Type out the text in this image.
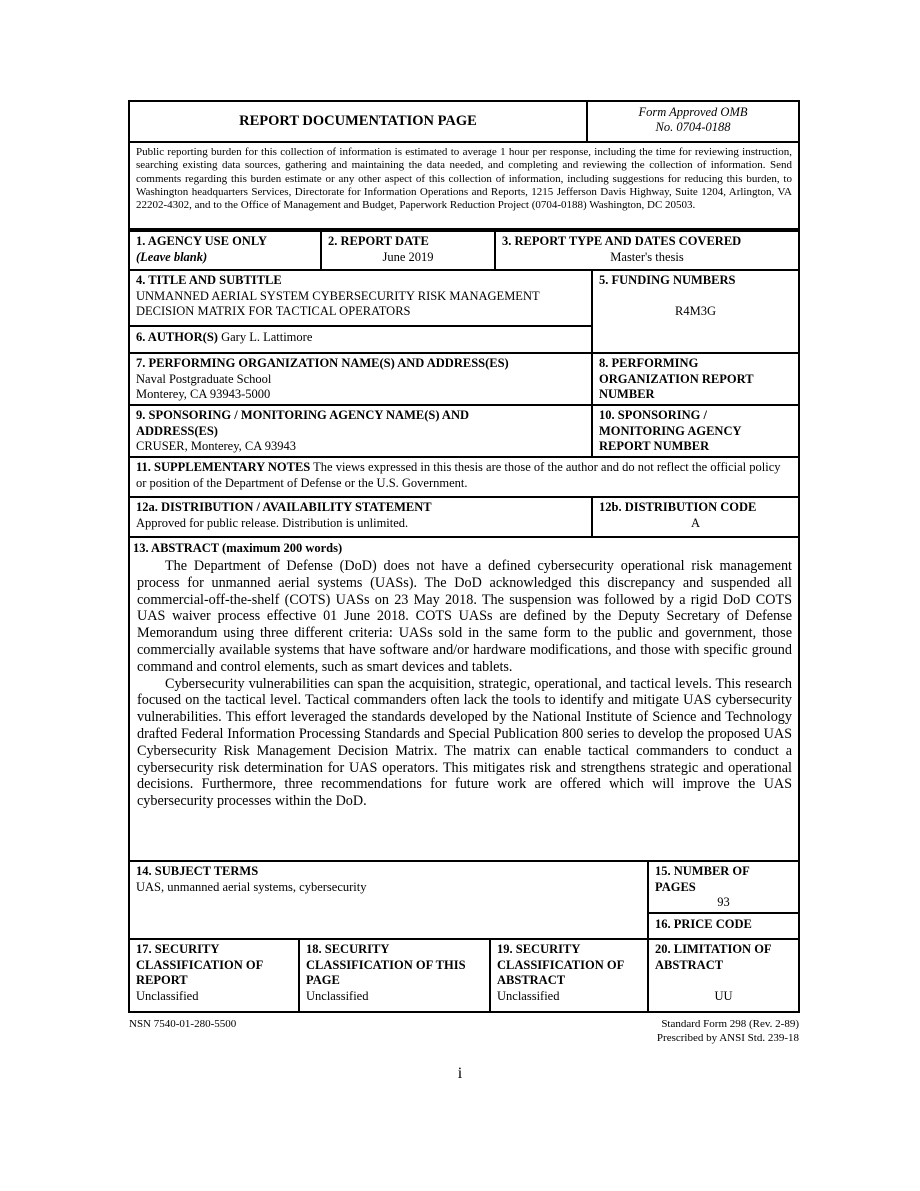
REPORT DOCUMENTATION PAGE
Form Approved OMB
No. 0704-0188
Public reporting burden for this collection of information is estimated to average 1 hour per response, including the time for reviewing instruction, searching existing data sources, gathering and maintaining the data needed, and completing and reviewing the collection of information. Send comments regarding this burden estimate or any other aspect of this collection of information, including suggestions for reducing this burden, to Washington headquarters Services, Directorate for Information Operations and Reports, 1215 Jefferson Davis Highway, Suite 1204, Arlington, VA 22202-4302, and to the Office of Management and Budget, Paperwork Reduction Project (0704-0188) Washington, DC 20503.
1. AGENCY USE ONLY
(Leave blank)
2. REPORT DATE
June 2019
3. REPORT TYPE AND DATES COVERED
Master's thesis
4. TITLE AND SUBTITLE
UNMANNED AERIAL SYSTEM CYBERSECURITY RISK MANAGEMENT
DECISION MATRIX FOR TACTICAL OPERATORS
5. FUNDING NUMBERS
R4M3G
6. AUTHOR(S) Gary L. Lattimore
7. PERFORMING ORGANIZATION NAME(S) AND ADDRESS(ES)
Naval Postgraduate School
Monterey, CA 93943-5000
8. PERFORMING
ORGANIZATION REPORT
NUMBER
9. SPONSORING / MONITORING AGENCY NAME(S) AND
ADDRESS(ES)
CRUSER, Monterey, CA 93943
10. SPONSORING /
MONITORING AGENCY
REPORT NUMBER
11. SUPPLEMENTARY NOTES The views expressed in this thesis are those of the author and do not reflect the official policy or position of the Department of Defense or the U.S. Government.
12a. DISTRIBUTION / AVAILABILITY STATEMENT
Approved for public release. Distribution is unlimited.
12b. DISTRIBUTION CODE
A
13. ABSTRACT (maximum 200 words)

The Department of Defense (DoD) does not have a defined cybersecurity operational risk management process for unmanned aerial systems (UASs). The DoD acknowledged this discrepancy and suspended all commercial-off-the-shelf (COTS) UASs on 23 May 2018. The suspension was followed by a rigid DoD COTS UAS waiver process effective 01 June 2018. COTS UASs are defined by the Deputy Secretary of Defense Memorandum using three different criteria: UASs sold in the same form to the public and government, those commercially available systems that have software and/or hardware modifications, and those with specific ground command and control elements, such as smart devices and tablets.

Cybersecurity vulnerabilities can span the acquisition, strategic, operational, and tactical levels. This research focused on the tactical level. Tactical commanders often lack the tools to identify and mitigate UAS cybersecurity vulnerabilities. This effort leveraged the standards developed by the National Institute of Science and Technology drafted Federal Information Processing Standards and Special Publication 800 series to develop the proposed UAS Cybersecurity Risk Management Decision Matrix. The matrix can enable tactical commanders to conduct a cybersecurity risk determination for UAS operators. This mitigates risk and strengthens strategic and operational decisions. Furthermore, three recommendations for future work are offered which will improve the UAS cybersecurity processes within the DoD.

14. SUBJECT TERMS
UAS, unmanned aerial systems, cybersecurity
15. NUMBER OF
PAGES
93
16. PRICE CODE
17. SECURITY
CLASSIFICATION OF
REPORT
Unclassified
18. SECURITY
CLASSIFICATION OF THIS
PAGE
Unclassified
19. SECURITY
CLASSIFICATION OF
ABSTRACT
Unclassified
20. LIMITATION OF
ABSTRACT
UU
NSN 7540-01-280-5500	Standard Form 298 (Rev. 2-89)
Prescribed by ANSI Std. 239-18
i
